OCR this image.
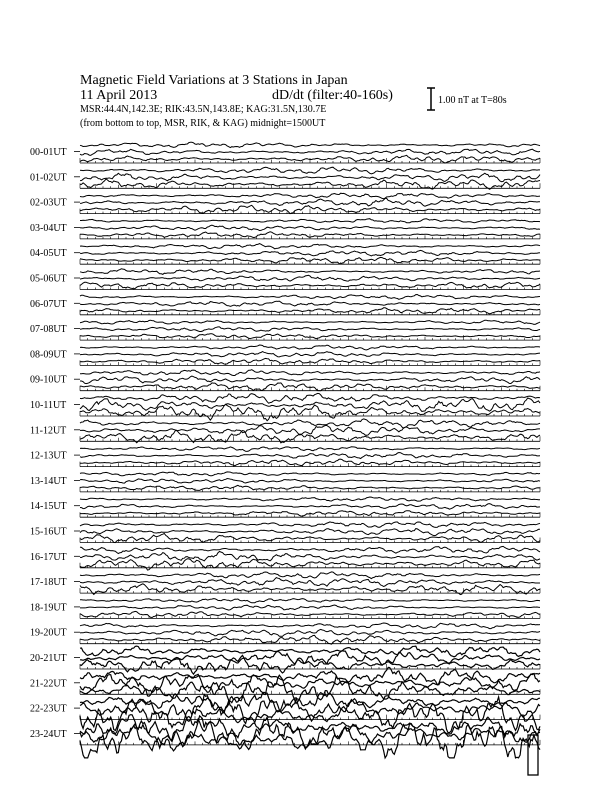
Magnetic Field Variations at 3 Stations in Japan
11 April 2013	dD/dt (filter:40-160s)
MSR:44.4N,142.3E; RIK:43.5N,143.8E; KAG:31.5N,130.7E
(from bottom to top, MSR, RIK, & KAG) midnight=1500UT
1.00 nT at T=80s
00-01UT
01-02UT
02-03UT
03-04UT
04-05UT
05-06UT
06-07UT
07-08UT
08-09UT
09-10UT
10-11UT
11-12UT
12-13UT
13-14UT
14-15UT
15-16UT
16-17UT
17-18UT
18-19UT
19-20UT
20-21UT
21-22UT
22-23UT
23-24UT
